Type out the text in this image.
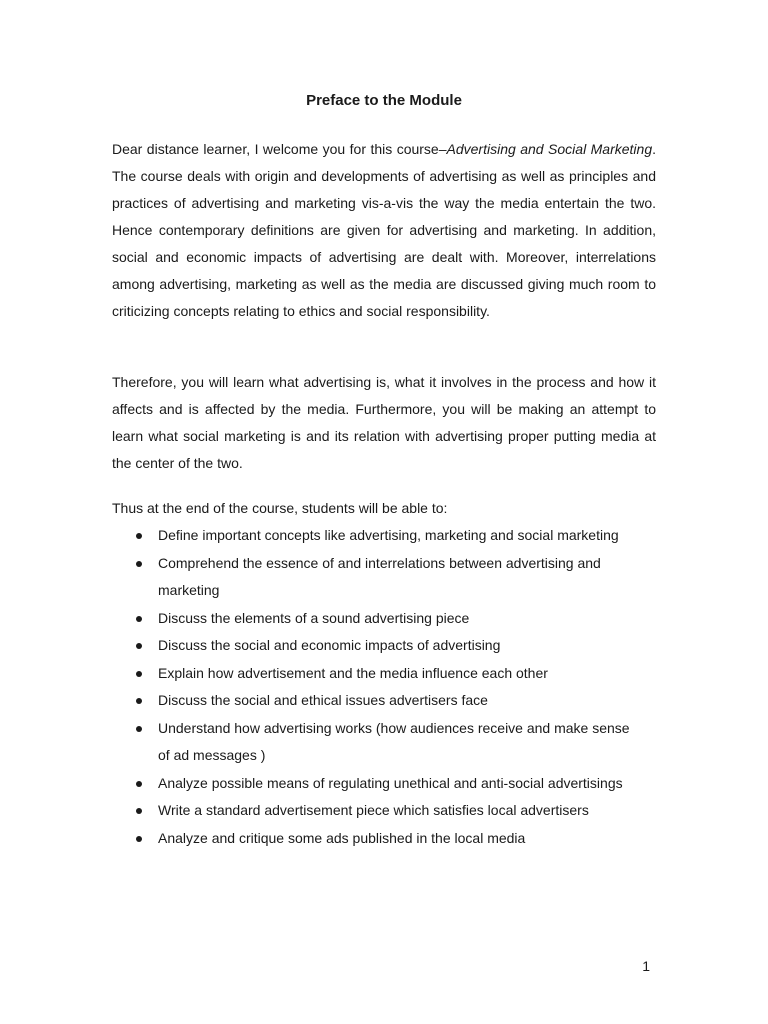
Preface to the Module

Dear distance learner, I welcome you for this course–Advertising and Social Marketing. The course deals with origin and developments of advertising as well as principles and practices of advertising and marketing vis-a-vis the way the media entertain the two. Hence contemporary definitions are given for advertising and marketing. In addition, social and economic impacts of advertising are dealt with. Moreover, interrelations among advertising, marketing as well as the media are discussed giving much room to criticizing concepts relating to ethics and social responsibility.

Therefore, you will learn what advertising is, what it involves in the process and how it affects and is affected by the media. Furthermore, you will be making an attempt to learn what social marketing is and its relation with advertising proper putting media at the center of the two.

Thus at the end of the course, students will be able to:

Define important concepts like advertising, marketing and social marketing
Comprehend the essence of and interrelations between advertising and marketing
Discuss the elements of a sound advertising piece
Discuss the social and economic impacts of advertising
Explain how advertisement and the media influence each other
Discuss the social and ethical issues advertisers face
Understand how advertising works (how audiences receive and make sense of ad messages )
Analyze possible means of regulating unethical and anti-social advertisings
Write a standard advertisement piece which satisfies local advertisers
Analyze and critique some ads published in the local media

1
